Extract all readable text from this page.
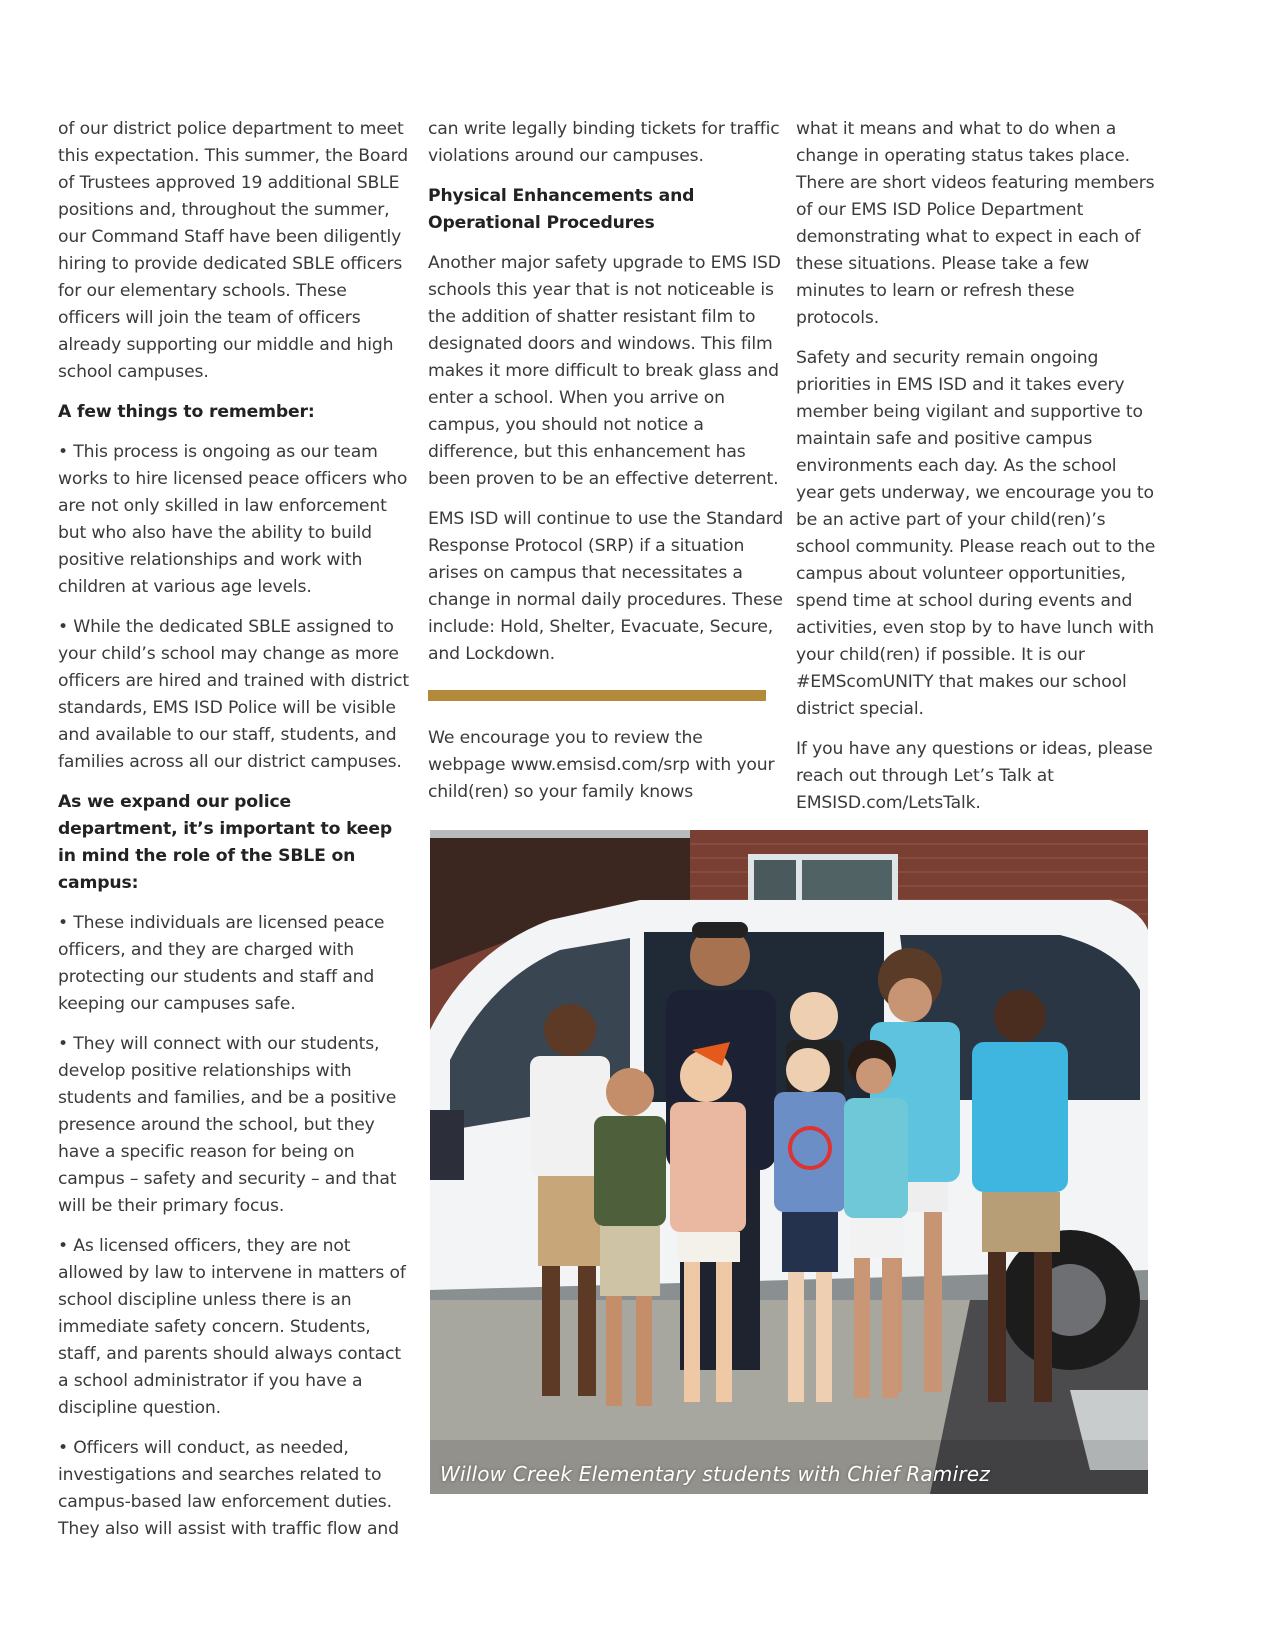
of our district police department to meet this expectation. This summer, the Board of Trustees approved 19 additional SBLE positions and, throughout the summer, our Command Staff have been diligently hiring to provide dedicated SBLE officers for our elementary schools. These officers will join the team of officers already supporting our middle and high school campuses.

A few things to remember:

• This process is ongoing as our team works to hire licensed peace officers who are not only skilled in law enforcement but who also have the ability to build positive relationships and work with children at various age levels.

• While the dedicated SBLE assigned to your child’s school may change as more officers are hired and trained with district standards, EMS ISD Police will be visible and available to our staff, students, and families across all our district campuses.

As we expand our police department, it’s important to keep in mind the role of the SBLE on campus:

• These individuals are licensed peace officers, and they are charged with protecting our students and staff and keeping our campuses safe.

• They will connect with our students, develop positive relationships with students and families, and be a positive presence around the school, but they have a specific reason for being on campus – safety and security – and that will be their primary focus.

• As licensed officers, they are not allowed by law to intervene in matters of school discipline unless there is an immediate safety concern. Students, staff, and parents should always contact a school administrator if you have a discipline question.

• Officers will conduct, as needed, investigations and searches related to campus-based law enforcement duties. They also will assist with traffic flow and

can write legally binding tickets for traffic violations around our campuses.

Physical Enhancements and Operational Procedures

Another major safety upgrade to EMS ISD schools this year that is not noticeable is the addition of shatter resistant film to designated doors and windows. This film makes it more difficult to break glass and enter a school. When you arrive on campus, you should not notice a difference, but this enhancement has been proven to be an effective deterrent.

EMS ISD will continue to use the Standard Response Protocol (SRP) if a situation arises on campus that necessitates a change in normal daily procedures. These include: Hold, Shelter, Evacuate, Secure, and Lockdown.

We encourage you to review the webpage www.emsisd.com/srp with your child(ren) so your family knows

what it means and what to do when a change in operating status takes place. There are short videos featuring members of our EMS ISD Police Department demonstrating what to expect in each of these situations. Please take a few minutes to learn or refresh these protocols.

Safety and security remain ongoing priorities in EMS ISD and it takes every member being vigilant and supportive to maintain safe and positive campus environments each day. As the school year gets underway, we encourage you to be an active part of your child(ren)’s school community. Please reach out to the campus about volunteer opportunities, spend time at school during events and activities, even stop by to have lunch with your child(ren) if possible. It is our #EMScomUNITY that makes our school district special.

If you have any questions or ideas, please reach out through Let’s Talk at EMSISD.com/LetsTalk.

Willow Creek Elementary students with Chief Ramirez
